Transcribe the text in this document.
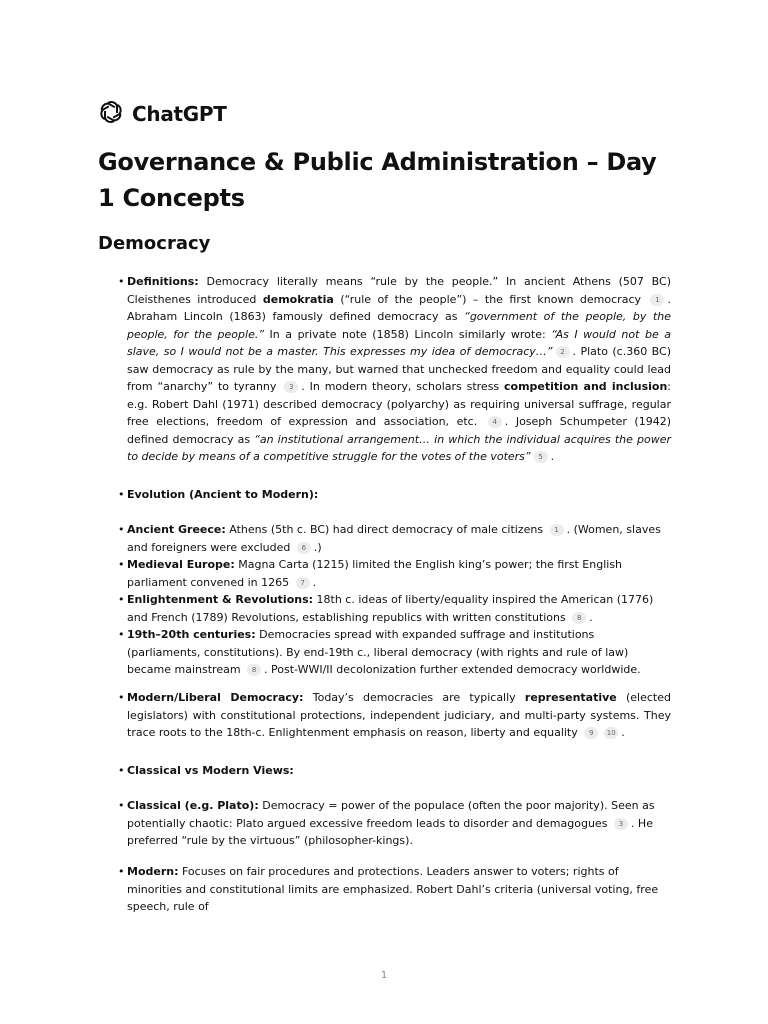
ChatGPT
Governance & Public Administration – Day 1 Concepts
Democracy

• Definitions: Democracy literally means “rule by the people.” In ancient Athens (507 BC) Cleisthenes introduced demokratia (“rule of the people”) – the first known democracy 1 . Abraham Lincoln (1863) famously defined democracy as “government of the people, by the people, for the people.” In a private note (1858) Lincoln similarly wrote: “As I would not be a slave, so I would not be a master. This expresses my idea of democracy…” 2 . Plato (c.360 BC) saw democracy as rule by the many, but warned that unchecked freedom and equality could lead from “anarchy” to tyranny 3 . In modern theory, scholars stress competition and inclusion: e.g. Robert Dahl (1971) described democracy (polyarchy) as requiring universal suffrage, regular free elections, freedom of expression and association, etc. 4 . Joseph Schumpeter (1942) defined democracy as “an institutional arrangement… in which the individual acquires the power to decide by means of a competitive struggle for the votes of the voters” 5 .

• Evolution (Ancient to Modern):

• Ancient Greece: Athens (5th c. BC) had direct democracy of male citizens 1 . (Women, slaves and foreigners were excluded 6 .)

• Medieval Europe: Magna Carta (1215) limited the English king’s power; the first English parliament convened in 1265 7 .

• Enlightenment & Revolutions: 18th c. ideas of liberty/equality inspired the American (1776) and French (1789) Revolutions, establishing republics with written constitutions 8 .

• 19th–20th centuries: Democracies spread with expanded suffrage and institutions (parliaments, constitutions). By end-19th c., liberal democracy (with rights and rule of law) became mainstream 8 . Post-WWI/II decolonization further extended democracy worldwide.

• Modern/Liberal Democracy: Today’s democracies are typically representative (elected legislators) with constitutional protections, independent judiciary, and multi-party systems. They trace roots to the 18th-c. Enlightenment emphasis on reason, liberty and equality 9 10 .

• Classical vs Modern Views:

• Classical (e.g. Plato): Democracy = power of the populace (often the poor majority). Seen as potentially chaotic: Plato argued excessive freedom leads to disorder and demagogues 3 . He preferred “rule by the virtuous” (philosopher-kings).

• Modern: Focuses on fair procedures and protections. Leaders answer to voters; rights of minorities and constitutional limits are emphasized. Robert Dahl’s criteria (universal voting, free speech, rule of

1
